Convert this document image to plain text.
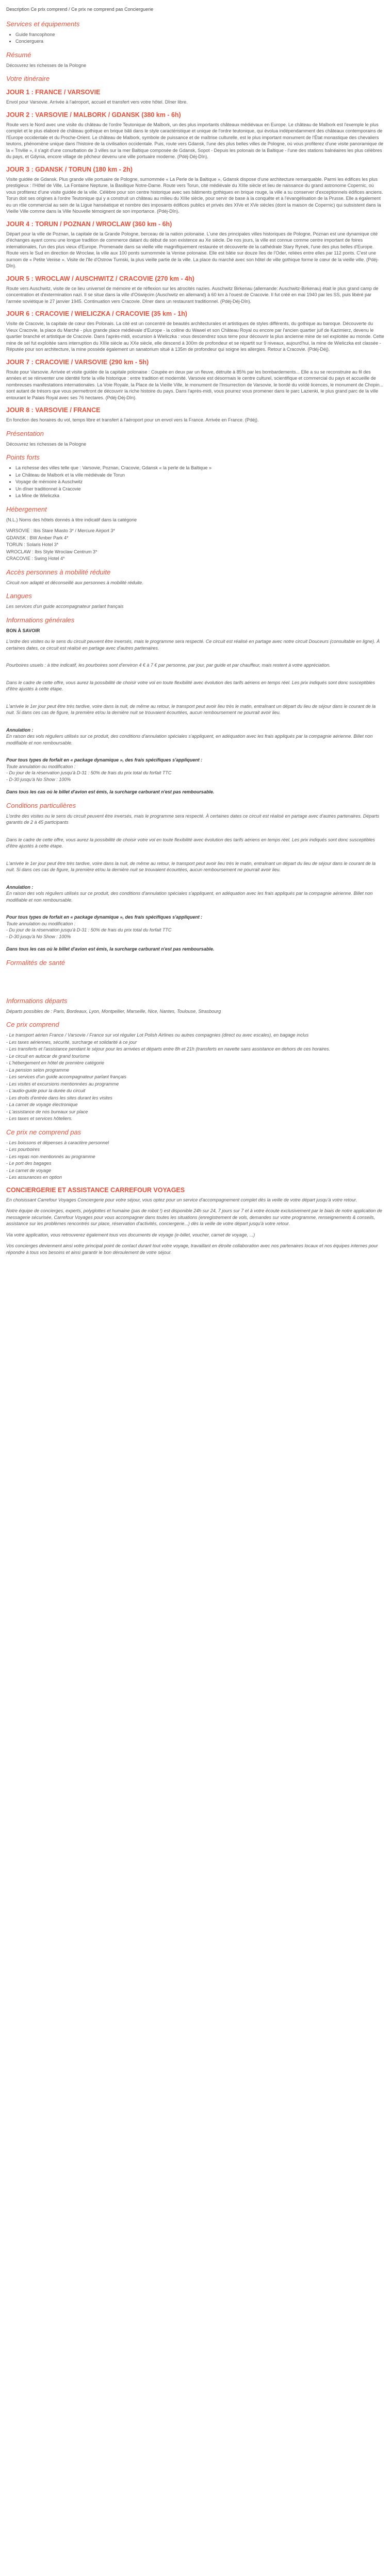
Description Ce prix comprend / Ce prix ne comprend pas Concierguerie
Services et équipements
• Guide francophone
• Concierguera
Résumé

Découvrez les richesses de la Pologne

Votre itinéraire
JOUR 1 : FRANCE / VARSOVIE

Envol pour Varsovie. Arrivée à l'aéroport, accueil et transfert vers votre hôtel. Dîner libre.

JOUR 2 : VARSOVIE / MALBORK / GDANSK (380 km - 6h)

Route vers le Nord avec une visite du château de l'ordre Teutonique de Malbork, un des plus importants châteaux médiévaux en Europe. Le château de Malbork est l'exemple le plus complet et le plus élaboré de château gothique en brique bâti dans le style caractéristique et unique de l'ordre teutonique, qui évolua indépendamment des châteaux contemporains de l'Europe occidentale et du Proche-Orient. Le château de Malbork, symbole de puissance et de maîtrise culturelle, est le plus important monument de l'État monastique des chevaliers teutons, phénomène unique dans l'histoire de la civilisation occidentale. Puis, route vers Gdansk, l'une des plus belles villes de Pologne, où vous profiterez d'une visite panoramique de la « Trivilie », il s'agit d'une conurbation de 3 villes sur la mer Baltique composée de Gdansk, Sopot - Depuis les polonais de la Baltique - l'une des stations balnéaires les plus célèbres du pays, et Gdynia, encore village de pêcheur devenu une ville portuaire moderne. (Pdéj-Déj-Dîn).

JOUR 3 : GDANSK / TORUN (180 km - 2h)

Visite guidée de Gdansk. Plus grande ville portuaire de Pologne, surnommée « La Perle de la Baltique », Gdansk dispose d'une architecture remarquable. Parmi les édifices les plus prestigieux : l'Hôtel de Ville, La Fontaine Neptune, la Basilique Notre-Dame. Route vers Torun, cité médiévale du XIIIe siècle et lieu de naissance du grand astronome Copernic, où vous profiterez d'une visite guidée de la ville. Célèbre pour son centre historique avec ses bâtiments gothiques en brique rouge, la ville a su conserver d'exceptionnels édifices anciens. Torun doit ses origines à l'ordre Teutonique qui y a construit un château au milieu du XIIIe siècle, pour servir de base à la conquête et à l'évangélisation de la Prusse. Elle a également eu un rôle commercial au sein de la Ligue hanséatique et nombre des imposants édifices publics et privés des XIVe et XVe siècles (dont la maison de Copernic) qui subsistent dans la Vieille Ville comme dans la Ville Nouvelle témoignent de son importance. (Pdéj-Dîn).

JOUR 4 : TORUN / POZNAN / WROCLAW (360 km - 6h)

Départ pour la ville de Poznan, la capitale de la Grande Pologne, berceau de la nation polonaise. L'une des principales villes historiques de Pologne, Poznan est une dynamique cité d'échanges ayant connu une longue tradition de commerce datant du début de son existence au Xe siècle. De nos jours, la ville est connue comme centre important de foires internationales, l'un des plus vieux d'Europe. Promenade dans sa vieille ville magnifiquement restaurée et découverte de la cathédrale Stary Rynek, l'une des plus belles d'Europe. Route vers le Sud en direction de Wroclaw, la ville aux 100 ponts surnommée la Venise polonaise. Elle est bâtie sur douze îles de l'Oder, reliées entre elles par 112 ponts. C'est une surnom de « Petite Venise ». Visite de l'île d'Ostrow Tumski, la plus vieille partie de la ville. La place du marché avec son hôtel de ville gothique forme le cœur de la vieille ville. (Pdéj-Dîn).

JOUR 5 : WROCLAW / AUSCHWITZ / CRACOVIE (270 km - 4h)

Route vers Auschwitz, visite de ce lieu universel de mémoire et de réflexion sur les atrocités nazies. Auschwitz Birkenau (allemande: Auschwitz-Birkenau) était le plus grand camp de concentration et d'extermination nazi. Il se situe dans la ville d'Oświęcim (Auschwitz en allemand) à 60 km à l'ouest de Cracovie. Il fut créé en mai 1940 par les SS, puis libéré par l'armée soviétique le 27 janvier 1945. Continuation vers Cracovie. Dîner dans un restaurant traditionnel. (Pdéj-Déj-Dîn).

JOUR 6 : CRACOVIE / WIELICZKA / CRACOVIE (35 km - 1h)

Visite de Cracovie, la capitale de cœur des Polonais. La cité est un concentré de beautés architecturales et artistiques de styles différents, du gothique au baroque. Découverte du Vieux Cracovie, la place du Marché - plus grande place médiévale d'Europe - la colline du Wawel et son Château Royal ou encore par l'ancien quartier juif de Kazimierz, devenu le quartier branché et artistique de Cracovie. Dans l'après-midi, excursion à Wieliczka : vous descendrez sous terre pour découvrir la plus ancienne mine de sel exploitée au monde. Cette mine de sel fut exploitée sans interruption du XIIIe siècle au XXe siècle, elle descend à 300m de profondeur et se répartit sur 9 niveaux, aujourd'hui, la mine de Wieliczka est classée - Réputée pour son architecture, la mine possède également un sanatorium situé à 135m de profondeur qui soigne les allergies. Retour à Cracovie. (Pdéj-Déj).

JOUR 7 : CRACOVIE / VARSOVIE (290 km - 5h)

Route pour Varsovie. Arrivée et visite guidée de la capitale polonaise : Coupée en deux par un fleuve, détruite à 85% par les bombardements... Elle a su se reconstruire au fil des années et se réinventer une identité forte la ville historique : entre tradition et modernité. Varsovie est désormais le centre culturel, scientifique et commercial du pays et accueille de nombreuses manifestations internationales. La Voie Royale, la Place de la Vieille Ville, le monument de l'Insurrection de Varsovie, le bordé du voïdé licences, le monument de Chopin... sont autant de trésors que vous permettront de découvrir la riche histoire du pays. Dans l'après-midi, vous pourrez vous promener dans le parc Lazienki, le plus grand parc de la ville entourant le Palais Royal avec ses 76 hectares. (Pdéj-Déj-Dîn).

JOUR 8 : VARSOVIE / FRANCE

En fonction des horaires du vol, temps libre et transfert à l'aéroport pour un envol vers la France. Arrivée en France. (Pdéj).

Présentation

Découvrez les richesses de la Pologne

Points forts
• La richesse des villes telle que : Varsovie, Poznan, Cracovie, Gdansk « la perle de la Baltique »
• Le Château de Malbork et la ville médiévale de Torun
• Voyage de mémoire à Auschwitz
• Un dîner traditionnel à Cracovie
• La Mine de Wieliczka
Hébergement

(N.L.) Noms des hôtels donnés à titre indicatif dans la catégorie

VARSOVIE : Ibis Stare Miasto 3* / Mercure Airport 3*
GDANSK : BW Amber Park 4*
TORUN : Solaris Hotel 3*
WROCLAW : Ibis Style Wroclaw Centrum 3*
CRACOVIE : Swing Hotel 4*
Accès personnes à mobilité réduite

Circuit non adapté et déconseillé aux personnes à mobilité réduite.

Langues

Les services d'un guide accompagnateur parlant français

Informations générales

BON À SAVOIR

L'ordre des visites ou le sens du circuit peuvent être inversés, mais le programme sera respecté. Ce circuit est réalisé en partage avec notre circuit Douceurs (consultable en ligne). À certaines dates, ce circuit est réalisé en partage avec d'autres partenaires.

Pourboires usuels : à titre indicatif, les pourboires sont d'environ 4 € à 7 € par personne, par jour, par guide et par chauffeur, mais restent à votre appréciation.

Dans le cadre de cette offre, vous aurez la possibilité de choisir votre vol en toute flexibilité avec évolution des tarifs aériens en temps réel. Les prix indiqués sont donc susceptibles d'être ajustés à cette étape.

L'arrivée le 1er jour peut être très tardive, voire dans la nuit, de même au retour, le transport peut avoir lieu très le matin, entraînant un départ du lieu de séjour dans le courant de la nuit. Si dans ces cas de figure, la première et/ou la dernière nuit se trouvaient écourtées, aucun remboursement ne pourrait avoir lieu.

Annulation :

En raison des vols réguliers utilisés sur ce produit, des conditions d'annulation spéciales s'appliquent, en adéquation avec les frais appliqués par la compagnie aérienne. Billet non modifiable et non remboursable.

Pour tous types de forfait en « package dynamique », des frais spécifiques s'appliquent :
Toute annulation ou modification :
- Du jour de la réservation jusqu'à D-31 : 50% de frais du prix total du forfait TTC
- D-30 jusqu'à No Show : 100%

Dans tous les cas où le billet d'avion est émis, la surcharge carburant n'est pas remboursable.

Conditions particulières

L'ordre des visites ou le sens du circuit peuvent être inversés, mais le programme sera respecté. À certaines dates ce circuit est réalisé en partage avec d'autres partenaires. Départs garantis de 2 à 45 participants

Dans le cadre de cette offre, vous aurez la possibilité de choisir votre vol en toute flexibilité avec évolution des tarifs aériens en temps réel. Les prix indiqués sont donc susceptibles d'être ajustés à cette étape.

L'arrivée le 1er jour peut être très tardive, voire dans la nuit, de même au retour, le transport peut avoir lieu très le matin, entraînant un départ du lieu de séjour dans le courant de la nuit. Si dans ces cas de figure, la première et/ou la dernière nuit se trouvaient écourtées, aucun remboursement ne pourrait avoir lieu.

Annulation :

En raison des vols réguliers utilisés sur ce produit, des conditions d'annulation spéciales s'appliquent, en adéquation avec les frais appliqués par la compagnie aérienne. Billet non modifiable et non remboursable.

Pour tous types de forfait en « package dynamique », des frais spécifiques s'appliquent :
Toute annulation ou modification :
- Du jour de la réservation jusqu'à D-31 : 50% de frais du prix total du forfait TTC
- D-30 jusqu'à No Show : 100%

Dans tous les cas où le billet d'avion est émis, la surcharge carburant n'est pas remboursable.

Formalités de santé
Informations départs

Départs possibles de : Paris, Bordeaux, Lyon, Montpellier, Marseille, Nice, Nantes, Toulouse, Strasbourg

Ce prix comprend
- Le transport aérien France / Varsovie / France sur vol régulier Lot Polish Airlines ou autres compagnies (direct ou avec escales), en bagage inclus
- Les taxes aériennes, sécurité, surcharge et solidarité à ce jour
- Les transferts et l'assistance pendant le séjour pour les arrivées et départs entre 8h et 21h (transferts en navette sans assistance en dehors de ces horaires.
- Le circuit en autocar de grand tourisme
- L'hébergement en hôtel de première catégorie
- La pension selon programme
- Les services d'un guide accompagnateur parlant français
- Les visites et excursions mentionnées au programme
- L'audio-guide pour la durée du circuit
- Les droits d'entrée dans les sites durant les visites
- La carnet de voyage électronique
- L'assistance de nos bureaux sur place
- Les taxes et services hôteliers.
Ce prix ne comprend pas
- Les boissons et dépenses à caractère personnel
- Les pourboires
- Les repas non mentionnés au programme
- Le port des bagages
- Le carnet de voyage
- Les assurances en option
CONCIERGERIE ET ASSISTANCE CARREFOUR VOYAGES

En choisissant Carrefour Voyages Conciergerie pour votre séjour, vous optez pour un service d'accompagnement complet dès la veille de votre départ jusqu'à votre retour.

Notre équipe de concierges, experts, polyglottes et humaine (pas de robot !) est disponible 24h sur 24, 7 jours sur 7 et à votre écoute exclusivement par le biais de notre application de messagerie sécurisée, Carrefour Voyages pour vous accompagner dans toutes les situations (enregistrement de vols, demandes sur votre programme, renseignements & conseils, assistance sur les problèmes rencontrés sur place, réservation d'activités, conciergerie...) dès la veille de votre départ jusqu'à votre retour.

Via votre application, vous retrouverez également tous vos documents de voyage (e-billet, voucher, carnet de voyage, ...)

Vos concierges deviennent ainsi votre principal point de contact durant tout votre voyage, travaillant en étroite collaboration avec nos partenaires locaux et nos équipes internes pour répondre à tous vos besoins et ainsi garantir le bon déroulement de votre séjour.
